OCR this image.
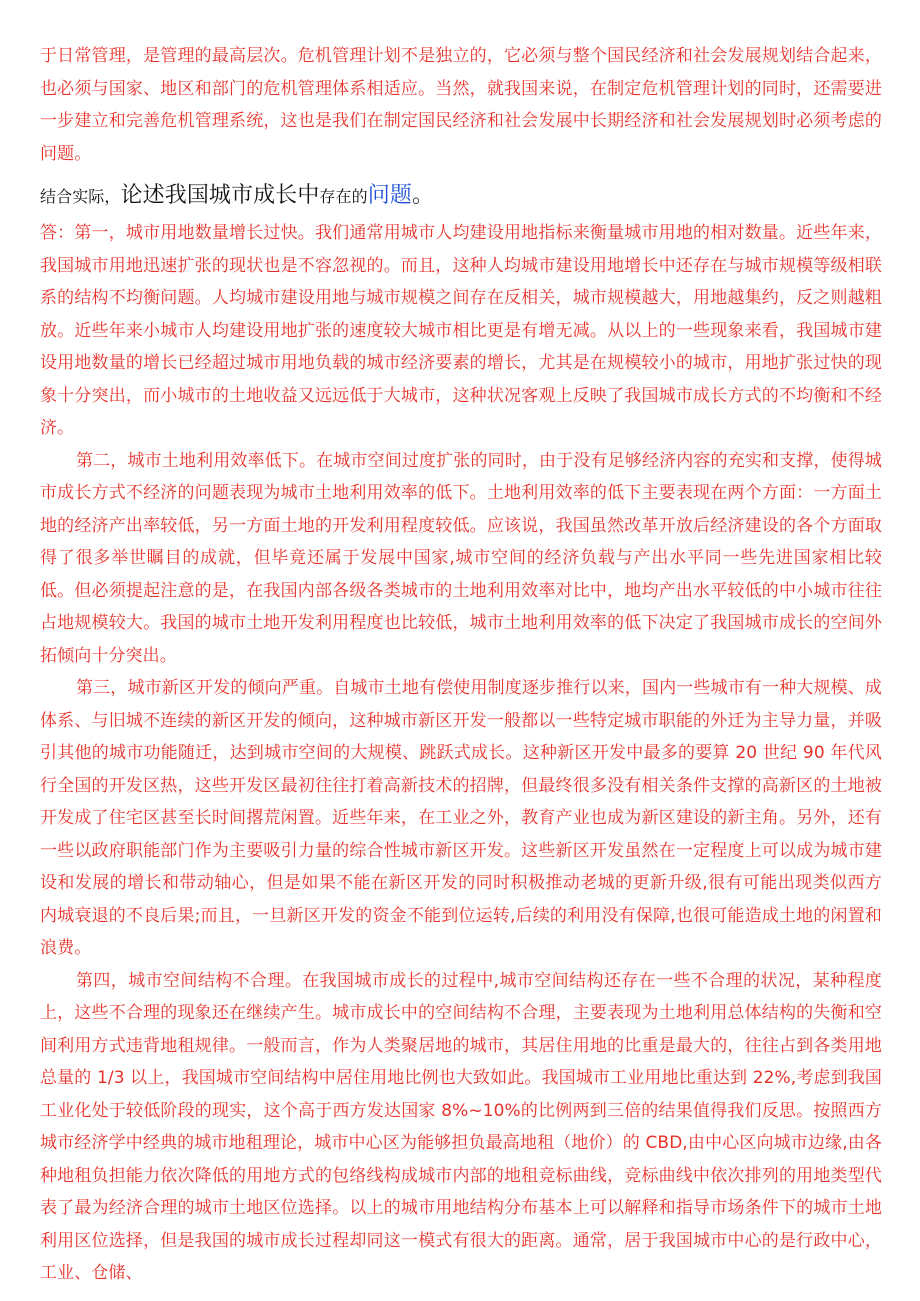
于日常管理，是管理的最高层次。危机管理计划不是独立的，它必须与整个国民经济和社会发展规划结合起来，也必须与国家、地区和部门的危机管理体系相适应。当然，就我国来说，在制定危机管理计划的同时，还需要进一步建立和完善危机管理系统，这也是我们在制定国民经济和社会发展中长期经济和社会发展规划时必须考虑的问题。

结合实际，论述我国城市成长中存在的问题。

答：第一，城市用地数量增长过快。我们通常用城市人均建设用地指标来衡量城市用地的相对数量。近些年来，我国城市用地迅速扩张的现状也是不容忽视的。而且，这种人均城市建设用地增长中还存在与城市规模等级相联系的结构不均衡问题。人均城市建设用地与城市规模之间存在反相关，城市规模越大，用地越集约，反之则越粗放。近些年来小城市人均建设用地扩张的速度较大城市相比更是有增无减。从以上的一些现象来看，我国城市建设用地数量的增长已经超过城市用地负载的城市经济要素的增长，尤其是在规模较小的城市，用地扩张过快的现象十分突出，而小城市的土地收益又远远低于大城市，这种状况客观上反映了我国城市成长方式的不均衡和不经济。

第二，城市土地利用效率低下。在城市空间过度扩张的同时，由于没有足够经济内容的充实和支撑，使得城市成长方式不经济的问题表现为城市土地利用效率的低下。土地利用效率的低下主要表现在两个方面：一方面土地的经济产出率较低，另一方面土地的开发利用程度较低。应该说，我国虽然改革开放后经济建设的各个方面取得了很多举世瞩目的成就，但毕竟还属于发展中国家,城市空间的经济负载与产出水平同一些先进国家相比较低。但必须提起注意的是，在我国内部各级各类城市的土地利用效率对比中，地均产出水平较低的中小城市往往占地规模较大。我国的城市土地开发利用程度也比较低，城市土地利用效率的低下决定了我国城市成长的空间外拓倾向十分突出。

第三，城市新区开发的倾向严重。自城市土地有偿使用制度逐步推行以来，国内一些城市有一种大规模、成体系、与旧城不连续的新区开发的倾向，这种城市新区开发一般都以一些特定城市职能的外迁为主导力量，并吸引其他的城市功能随迁，达到城市空间的大规模、跳跃式成长。这种新区开发中最多的要算 20 世纪 90 年代风行全国的开发区热，这些开发区最初往往打着高新技术的招牌，但最终很多没有相关条件支撑的高新区的土地被开发成了住宅区甚至长时间撂荒闲置。近些年来，在工业之外，教育产业也成为新区建设的新主角。另外，还有一些以政府职能部门作为主要吸引力量的综合性城市新区开发。这些新区开发虽然在一定程度上可以成为城市建设和发展的增长和带动轴心，但是如果不能在新区开发的同时积极推动老城的更新升级,很有可能出现类似西方内城衰退的不良后果;而且，一旦新区开发的资金不能到位运转,后续的利用没有保障,也很可能造成土地的闲置和浪费。

第四，城市空间结构不合理。在我国城市成长的过程中,城市空间结构还存在一些不合理的状况，某种程度上，这些不合理的现象还在继续产生。城市成长中的空间结构不合理，主要表现为土地利用总体结构的失衡和空间利用方式违背地租规律。一般而言，作为人类聚居地的城市，其居住用地的比重是最大的，往往占到各类用地总量的 1/3 以上，我国城市空间结构中居住用地比例也大致如此。我国城市工业用地比重达到 22%,考虑到我国工业化处于较低阶段的现实，这个高于西方发达国家 8%~10%的比例两到三倍的结果值得我们反思。按照西方城市经济学中经典的城市地租理论，城市中心区为能够担负最高地租（地价）的 CBD,由中心区向城市边缘,由各种地租负担能力依次降低的用地方式的包络线构成城市内部的地租竞标曲线，竞标曲线中依次排列的用地类型代表了最为经济合理的城市土地区位选择。以上的城市用地结构分布基本上可以解释和指导市场条件下的城市土地利用区位选择，但是我国的城市成长过程却同这一模式有很大的距离。通常，居于我国城市中心的是行政中心，工业、仓储、
